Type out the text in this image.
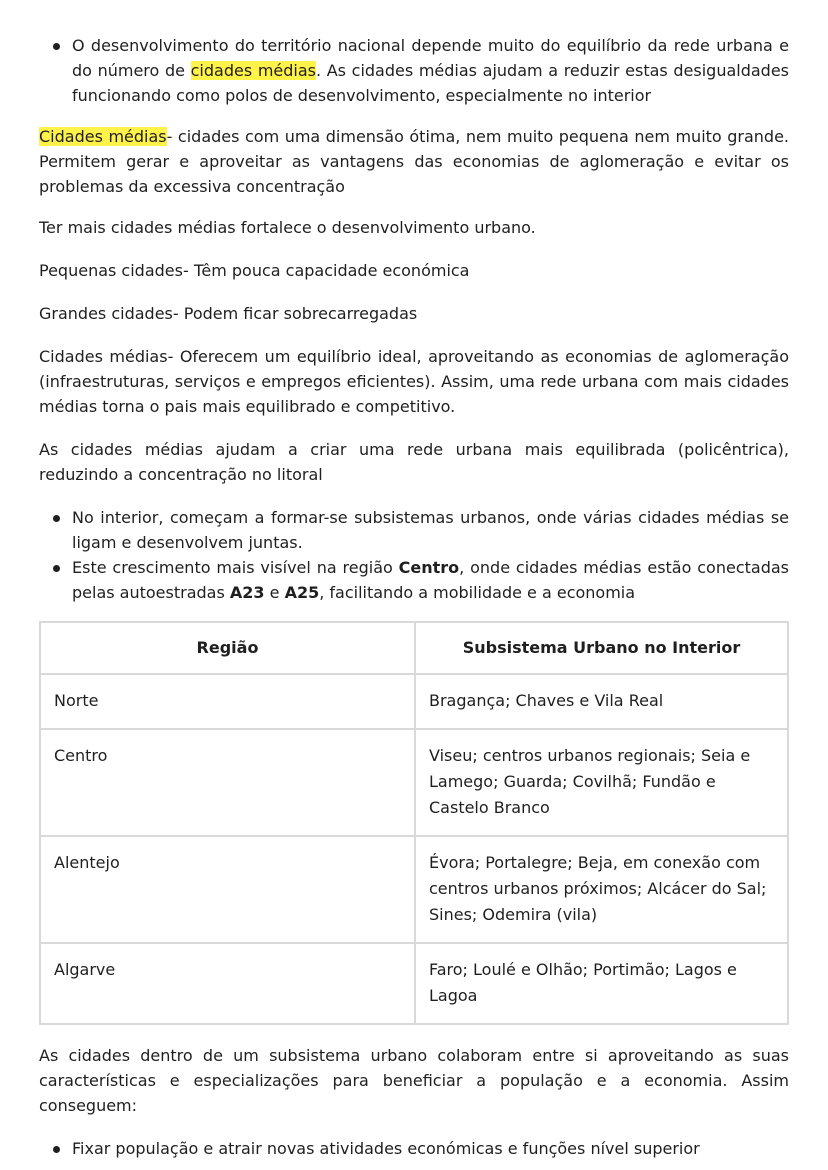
O desenvolvimento do território nacional depende muito do equilíbrio da rede urbana e do número de cidades médias. As cidades médias ajudam a reduzir estas desigualdades funcionando como polos de desenvolvimento, especialmente no interior

Cidades médias- cidades com uma dimensão ótima, nem muito pequena nem muito grande. Permitem gerar e aproveitar as vantagens das economias de aglomeração e evitar os problemas da excessiva concentração

Ter mais cidades médias fortalece o desenvolvimento urbano.

Pequenas cidades- Têm pouca capacidade económica

Grandes cidades- Podem ficar sobrecarregadas

Cidades médias- Oferecem um equilíbrio ideal, aproveitando as economias de aglomeração (infraestruturas, serviços e empregos eficientes). Assim, uma rede urbana com mais cidades médias torna o pais mais equilibrado e competitivo.

As cidades médias ajudam a criar uma rede urbana mais equilibrada (policêntrica), reduzindo a concentração no litoral

No interior, começam a formar-se subsistemas urbanos, onde várias cidades médias se ligam e desenvolvem juntas.
Este crescimento mais visível na região Centro, onde cidades médias estão conectadas pelas autoestradas A23 e A25, facilitando a mobilidade e a economia
Região	Subsistema Urbano no Interior
Norte	Bragança; Chaves e Vila Real
Centro	Viseu; centros urbanos regionais; Seia e Lamego; Guarda; Covilhã; Fundão e Castelo Branco
Alentejo	Évora; Portalegre; Beja, em conexão com centros urbanos próximos; Alcácer do Sal; Sines; Odemira (vila)
Algarve	Faro; Loulé e Olhão; Portimão; Lagos e Lagoa

As cidades dentro de um subsistema urbano colaboram entre si aproveitando as suas características e especializações para beneficiar a população e a economia. Assim conseguem:

Fixar população e atrair novas atividades económicas e funções nível superior
